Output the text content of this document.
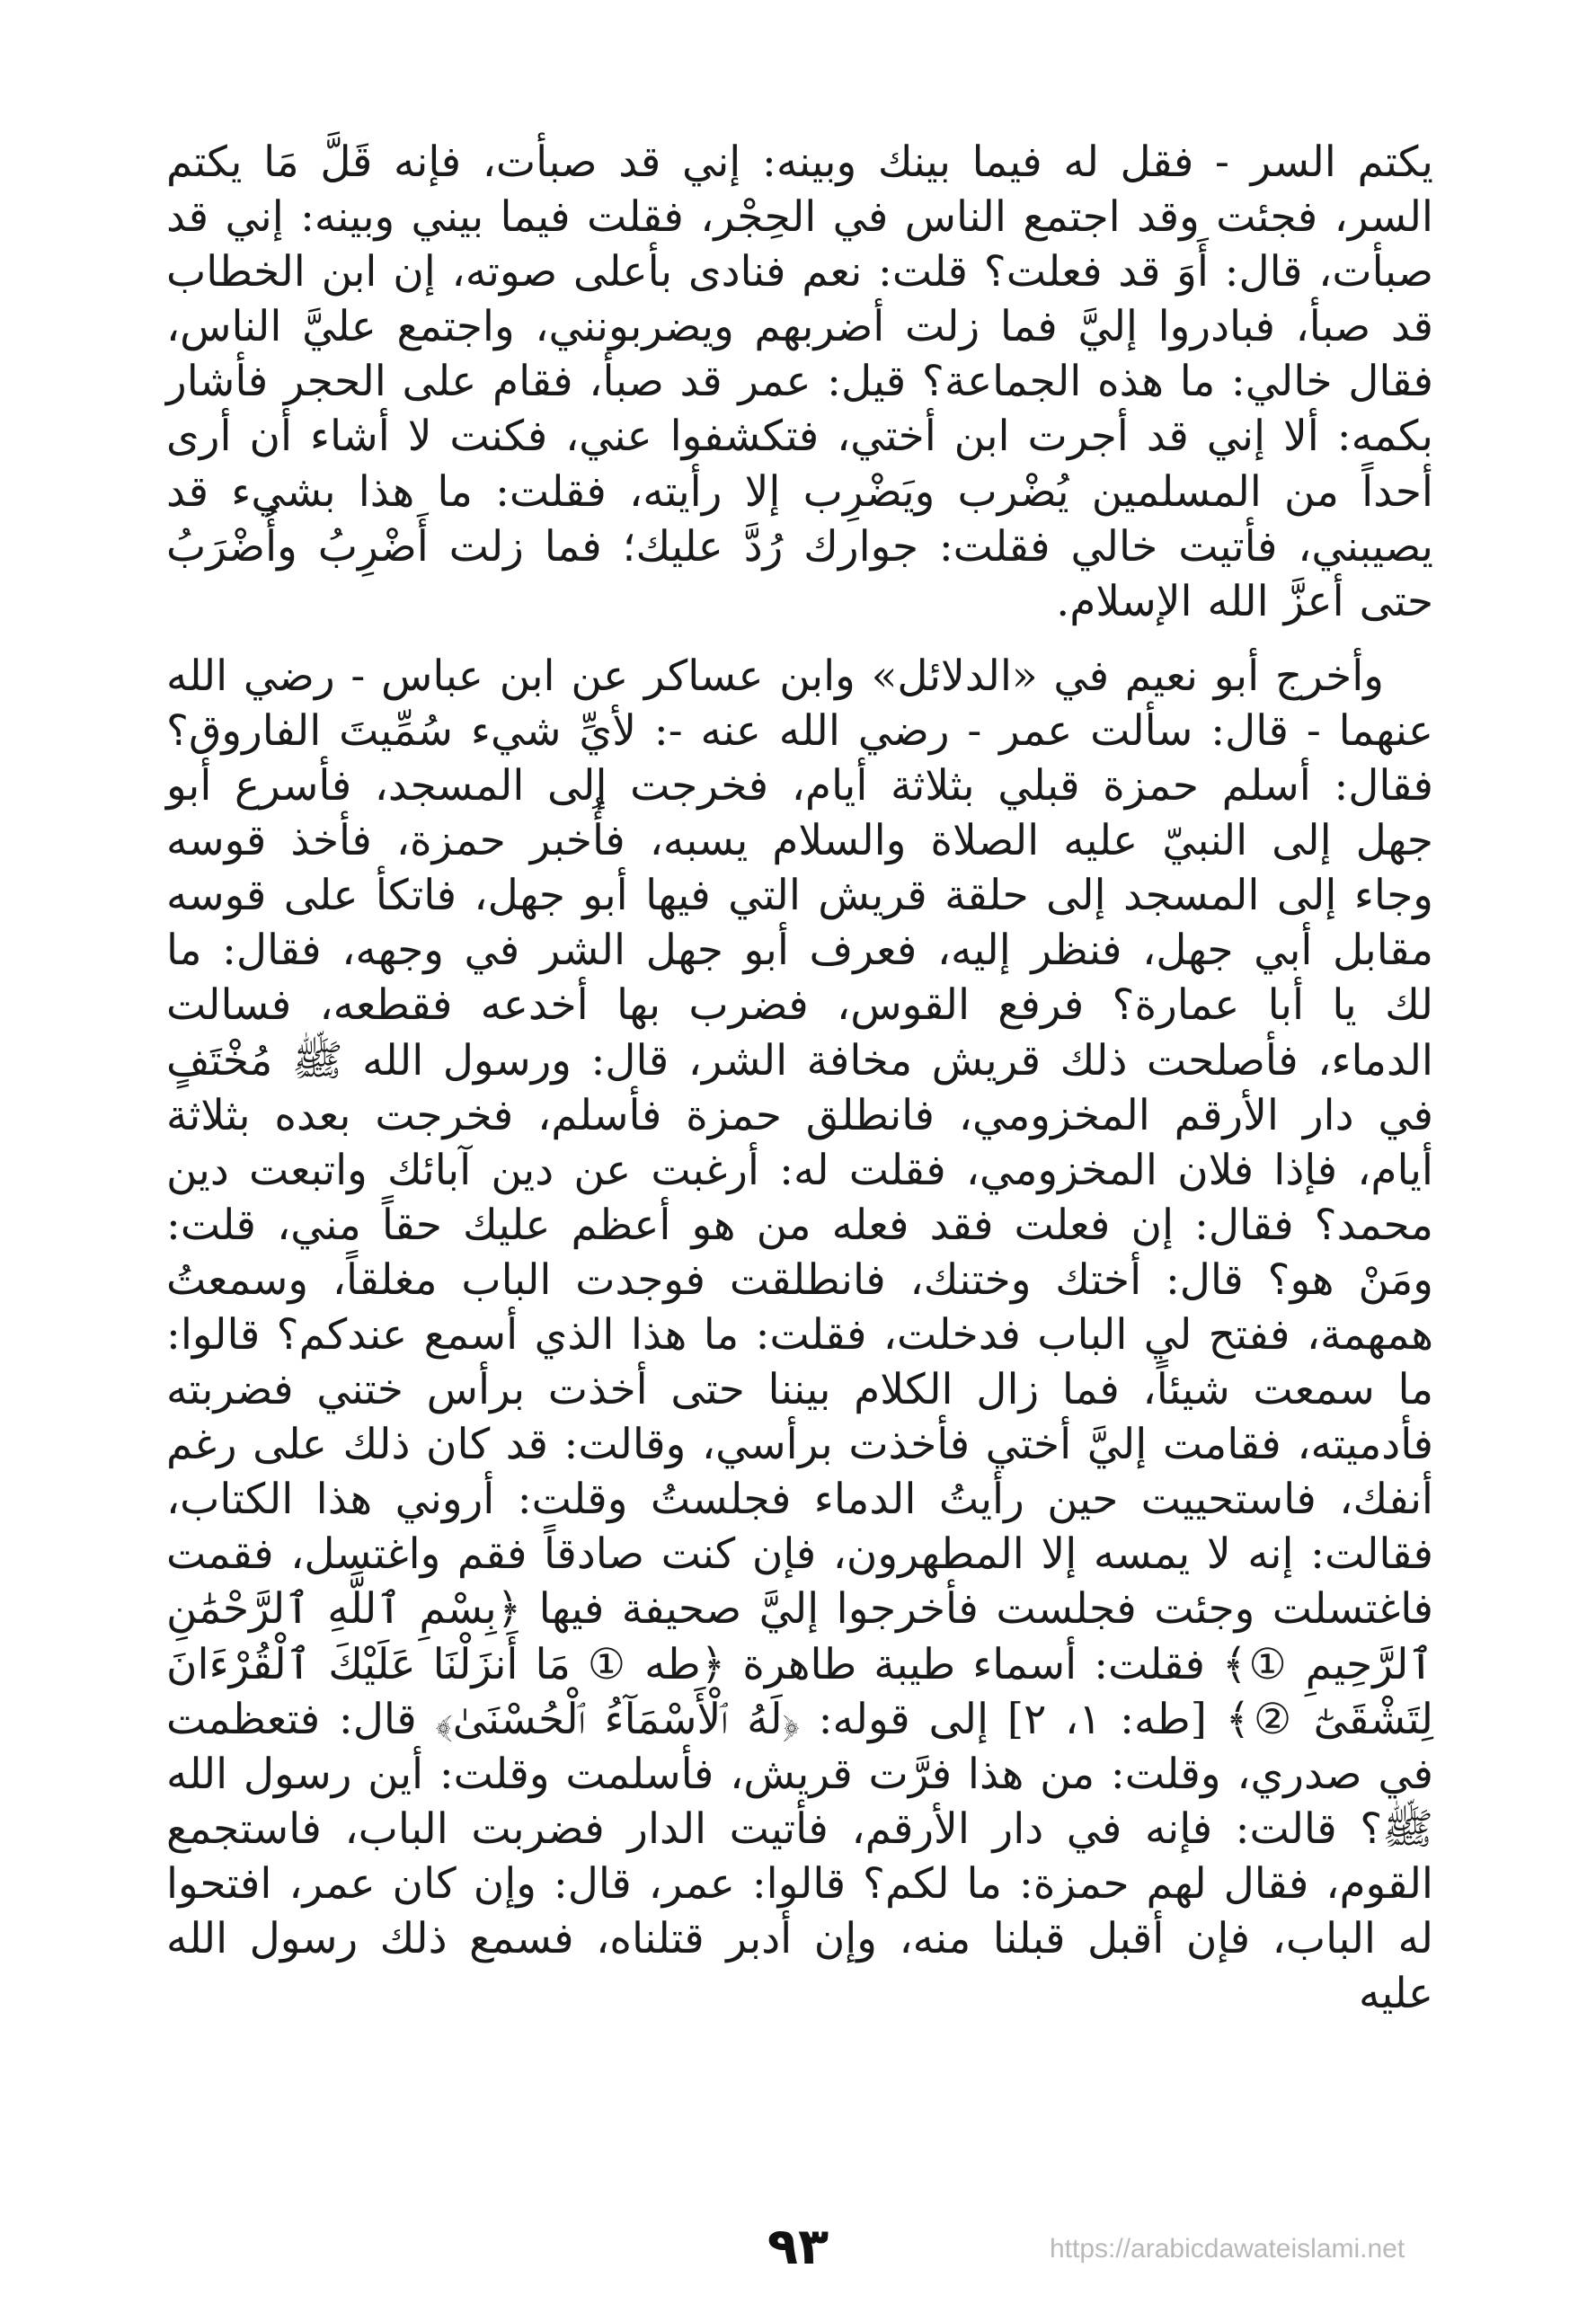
يكتم السر - فقل له فيما بينك وبينه: إني قد صبأت، فإنه قَلَّ مَا يكتم السر، فجئت وقد اجتمع الناس في الحِجْر، فقلت فيما بيني وبينه: إني قد صبأت، قال: أَوَ قد فعلت؟ قلت: نعم فنادى بأعلى صوته، إن ابن الخطاب قد صبأ، فبادروا إليَّ فما زلت أضربهم ويضربونني، واجتمع عليَّ الناس، فقال خالي: ما هذه الجماعة؟ قيل: عمر قد صبأ، فقام على الحجر فأشار بكمه: ألا إني قد أجرت ابن أختي، فتكشفوا عني، فكنت لا أشاء أن أرى أحداً من المسلمين يُضْرب ويَضْرِب إلا رأيته، فقلت: ما هذا بشيء قد يصيبني، فأتيت خالي فقلت: جوارك رُدَّ عليك؛ فما زلت أَضْرِبُ وأُضْرَبُ حتى أعزَّ الله الإسلام.

وأخرج أبو نعيم في «الدلائل» وابن عساكر عن ابن عباس - رضي الله عنهما - قال: سألت عمر - رضي الله عنه -: لأيِّ شيء سُمِّيتَ الفاروق؟ فقال: أسلم حمزة قبلي بثلاثة أيام، فخرجت إلى المسجد، فأسرع أبو جهل إلى النبيّ عليه الصلاة والسلام يسبه، فأُخبر حمزة، فأخذ قوسه وجاء إلى المسجد إلى حلقة قريش التي فيها أبو جهل، فاتكأ على قوسه مقابل أبي جهل، فنظر إليه، فعرف أبو جهل الشر في وجهه، فقال: ما لك يا أبا عمارة؟ فرفع القوس، فضرب بها أخدعه فقطعه، فسالت الدماء، فأصلحت ذلك قريش مخافة الشر، قال: ورسول الله ﷺ مُخْتَفٍ في دار الأرقم المخزومي، فانطلق حمزة فأسلم، فخرجت بعده بثلاثة أيام، فإذا فلان المخزومي، فقلت له: أرغبت عن دين آبائك واتبعت دين محمد؟ فقال: إن فعلت فقد فعله من هو أعظم عليك حقاً مني، قلت: ومَنْ هو؟ قال: أختك وختنك، فانطلقت فوجدت الباب مغلقاً، وسمعتُ همهمة، ففتح لي الباب فدخلت، فقلت: ما هذا الذي أسمع عندكم؟ قالوا: ما سمعت شيئاً، فما زال الكلام بيننا حتى أخذت برأس ختني فضربته فأدميته، فقامت إليَّ أختي فأخذت برأسي، وقالت: قد كان ذلك على رغم أنفك، فاستحييت حين رأيتُ الدماء فجلستُ وقلت: أروني هذا الكتاب، فقالت: إنه لا يمسه إلا المطهرون، فإن كنت صادقاً فقم واغتسل، فقمت فاغتسلت وجئت فجلست فأخرجوا إليَّ صحيفة فيها ﴿بِسْمِ ٱللَّهِ ٱلرَّحْمَٰنِ ٱلرَّحِيمِ ①﴾ فقلت: أسماء طيبة طاهرة ﴿طه ① مَا أَنزَلْنَا عَلَيْكَ ٱلْقُرْءَانَ لِتَشْقَىٰٓ ②﴾ [طه: ١، ٢] إلى قوله: ﴿لَهُ ٱلْأَسْمَآءُ ٱلْحُسْنَىٰ﴾ قال: فتعظمت في صدري، وقلت: من هذا فرَّت قريش، فأسلمت وقلت: أين رسول الله ﷺ؟ قالت: فإنه في دار الأرقم، فأتيت الدار فضربت الباب، فاستجمع القوم، فقال لهم حمزة: ما لكم؟ قالوا: عمر، قال: وإن كان عمر، افتحوا له الباب، فإن أقبل قبلنا منه، وإن أدبر قتلناه، فسمع ذلك رسول الله عليه

٩٣	https://arabicdawateislami.net
